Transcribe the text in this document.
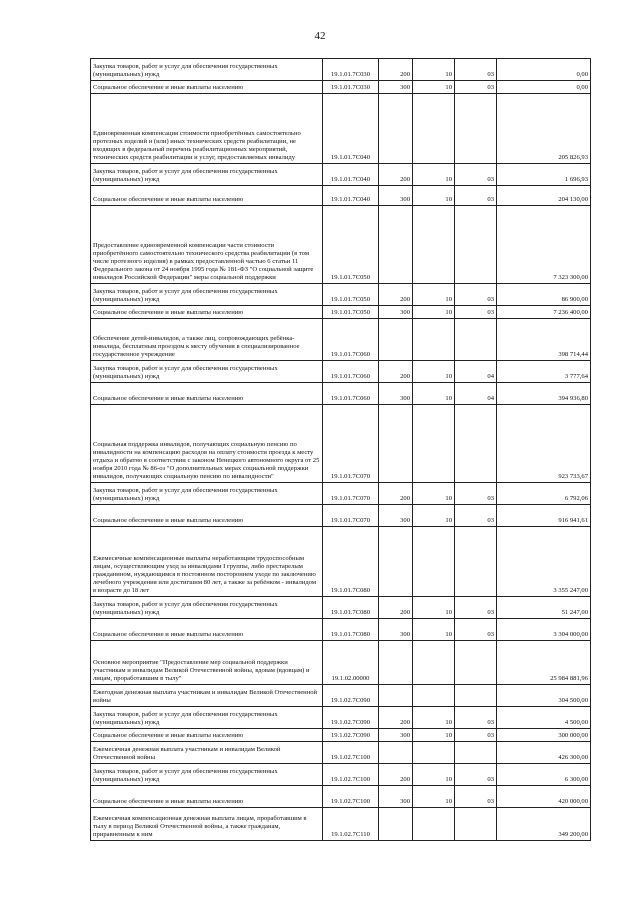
42
Закупка товаров, работ и услуг для обеспечения государственных (муниципальных) нужд	19.1.01.7С030	200	10	03	0,00
Социальное обеспечение и иные выплаты населению	19.1.01.7С030	300	10	03	0,00
Единовременная компенсация стоимости приобретённых самостоятельно протезных изделий и (или) иных технических средств реабилитации, не входящих в федеральный перечень реабилитационных мероприятий, технических средств реабилитации и услуг, предоставляемых инвалиду	19.1.01.7С040				205 826,93
Закупка товаров, работ и услуг для обеспечения государственных (муниципальных) нужд	19.1.01.7С040	200	10	03	1 696,93
Социальное обеспечение и иные выплаты населению	19.1.01.7С040	300	10	03	204 130,00
Предоставление единовременной компенсации части стоимости приобретённого самостоятельно технического средства реабилитации (в том числе протезного изделия) в рамках предоставленной частью 6 статьи 11 Федерального закона от 24 ноября 1995 года № 181-ФЗ "О социальной защите инвалидов Российской Федерации" меры социальной поддержки	19.1.01.7С050				7 323 300,00
Закупка товаров, работ и услуг для обеспечения государственных (муниципальных) нужд	19.1.01.7С050	200	10	03	86 900,00
Социальное обеспечение и иные выплаты населению	19.1.01.7С050	300	10	03	7 236 400,00
Обеспечение детей-инвалидов, а также лиц, сопровождающих ребёнка-инвалида, бесплатным проездом к месту обучения в специализированное государственное учреждение	19.1.01.7С060				398 714,44
Закупка товаров, работ и услуг для обеспечения государственных (муниципальных) нужд	19.1.01.7С060	200	10	04	3 777,64
Социальное обеспечение и иные выплаты населению	19.1.01.7С060	300	10	04	394 936,80
Социальная поддержка инвалидов, получающих социальную пенсию по инвалидности на компенсацию расходов на оплату стоимости проезда к месту отдыха и обратно в соответствии с законом Ненецкого автономного округа от 25 ноября 2010 года № 86-оз "О дополнительных мерах социальной поддержки инвалидов, получающих социальную пенсию по инвалидности"	19.1.01.7С070				923 733,67
Закупка товаров, работ и услуг для обеспечения государственных (муниципальных) нужд	19.1.01.7С070	200	10	03	6 792,06
Социальное обеспечение и иные выплаты населению	19.1.01.7С070	300	10	03	916 941,61
Ежемесячные компенсационные выплаты неработающим трудоспособным лицам, осуществляющим уход за инвалидами I группы, либо престарелым гражданином, нуждающимся в постоянном постороннем уходе по заключению лечебного учреждения или достигшим 80 лет, а также за ребёнком - инвалидом в возрасте до 18 лет	19.1.01.7С080				3 355 247,00
Закупка товаров, работ и услуг для обеспечения государственных (муниципальных) нужд	19.1.01.7С080	200	10	03	51 247,00
Социальное обеспечение и иные выплаты населению	19.1.01.7С080	300	10	03	3 304 000,00
Основное мероприятие "Предоставление мер социальной поддержки участникам и инвалидам Великой Отечественной войны, вдовам (вдовцам) и лицам, проработавшим в тылу"	19.1.02.00000				25 984 881,96
Ежегодная денежная выплата участникам и инвалидам Великой Отечественной войны	19.1.02.7С090				304 500,00
Закупка товаров, работ и услуг для обеспечения государственных (муниципальных) нужд	19.1.02.7С090	200	10	03	4 500,00
Социальное обеспечение и иные выплаты населению	19.1.02.7С090	300	10	03	300 000,00
Ежемесячная денежная выплата участникам и инвалидам Великой Отечественной войны	19.1.02.7С100				426 300,00
Закупка товаров, работ и услуг для обеспечения государственных (муниципальных) нужд	19.1.02.7С100	200	10	03	6 300,00
Социальное обеспечение и иные выплаты населению	19.1.02.7С100	300	10	03	420 000,00
Ежемесячная компенсационная денежная выплата лицам, проработавшим в тылу в период Великой Отечественной войны, а также гражданам, приравненным к ним	19.1.02.7С110				349 200,00
